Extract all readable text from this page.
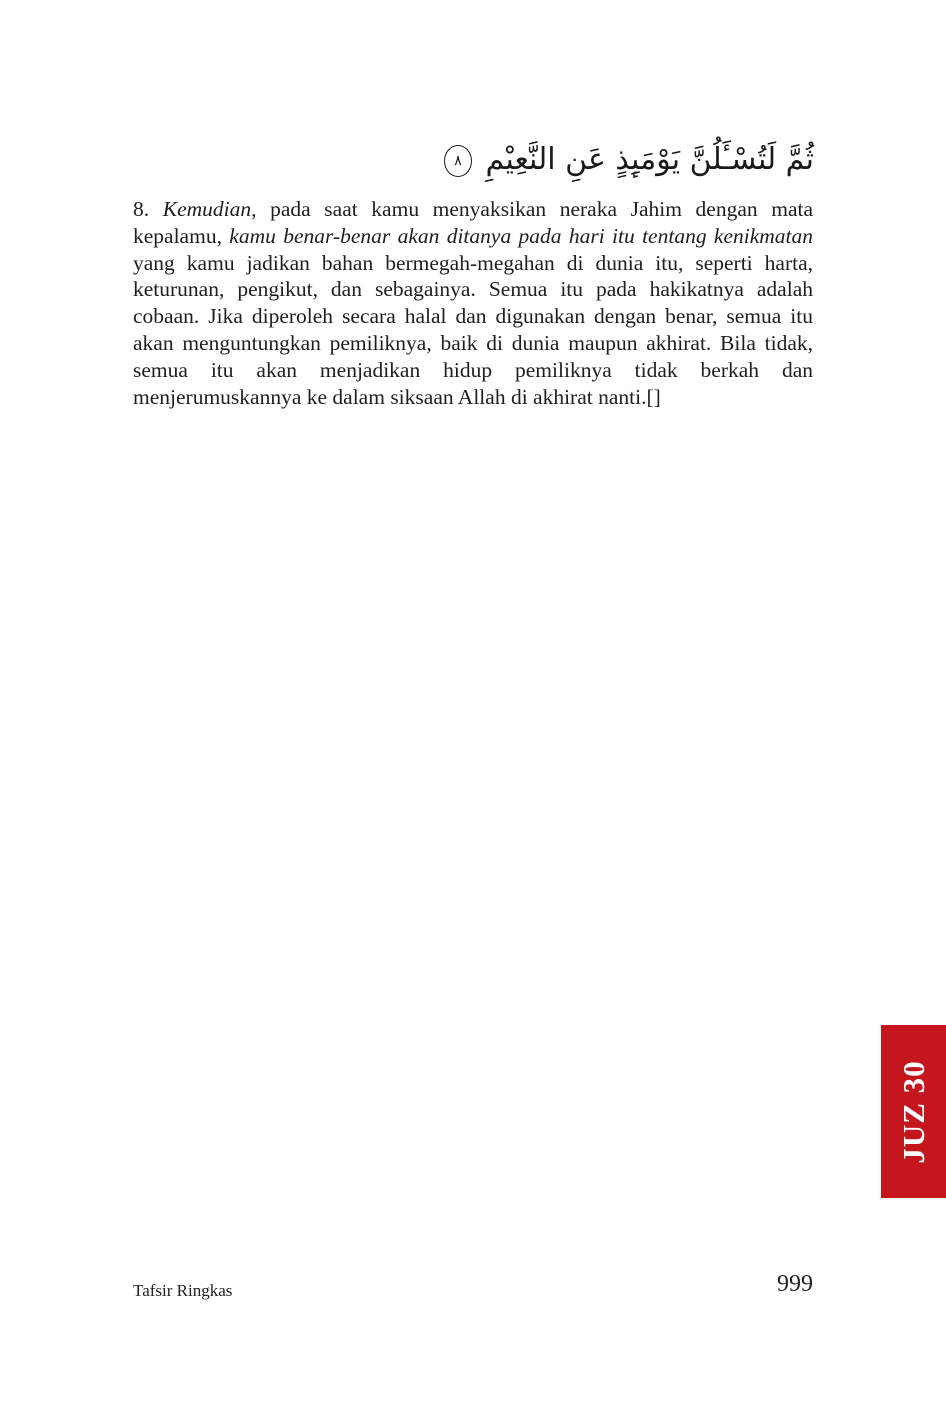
ثُمَّ لَتُسْـَٔلُنَّ يَوْمَىِٕذٍ عَنِ النَّعِيْمِ ٨

8. Kemudian, pada saat kamu menyaksikan neraka Jahim dengan mata kepalamu, kamu benar-benar akan ditanya pada hari itu tentang kenikmatan yang kamu jadikan bahan bermegah-megahan di dunia itu, seperti harta, keturunan, pengikut, dan sebagainya. Semua itu pada hakikatnya adalah cobaan. Jika diperoleh secara halal dan digunakan dengan benar, semua itu akan menguntungkan pemiliknya, baik di dunia maupun akhirat. Bila tidak, semua itu akan menjadikan hidup pemiliknya tidak berkah dan menjerumuskannya ke dalam siksaan Allah di akhirat nanti.[]

JUZ 30
Tafsir Ringkas	999
